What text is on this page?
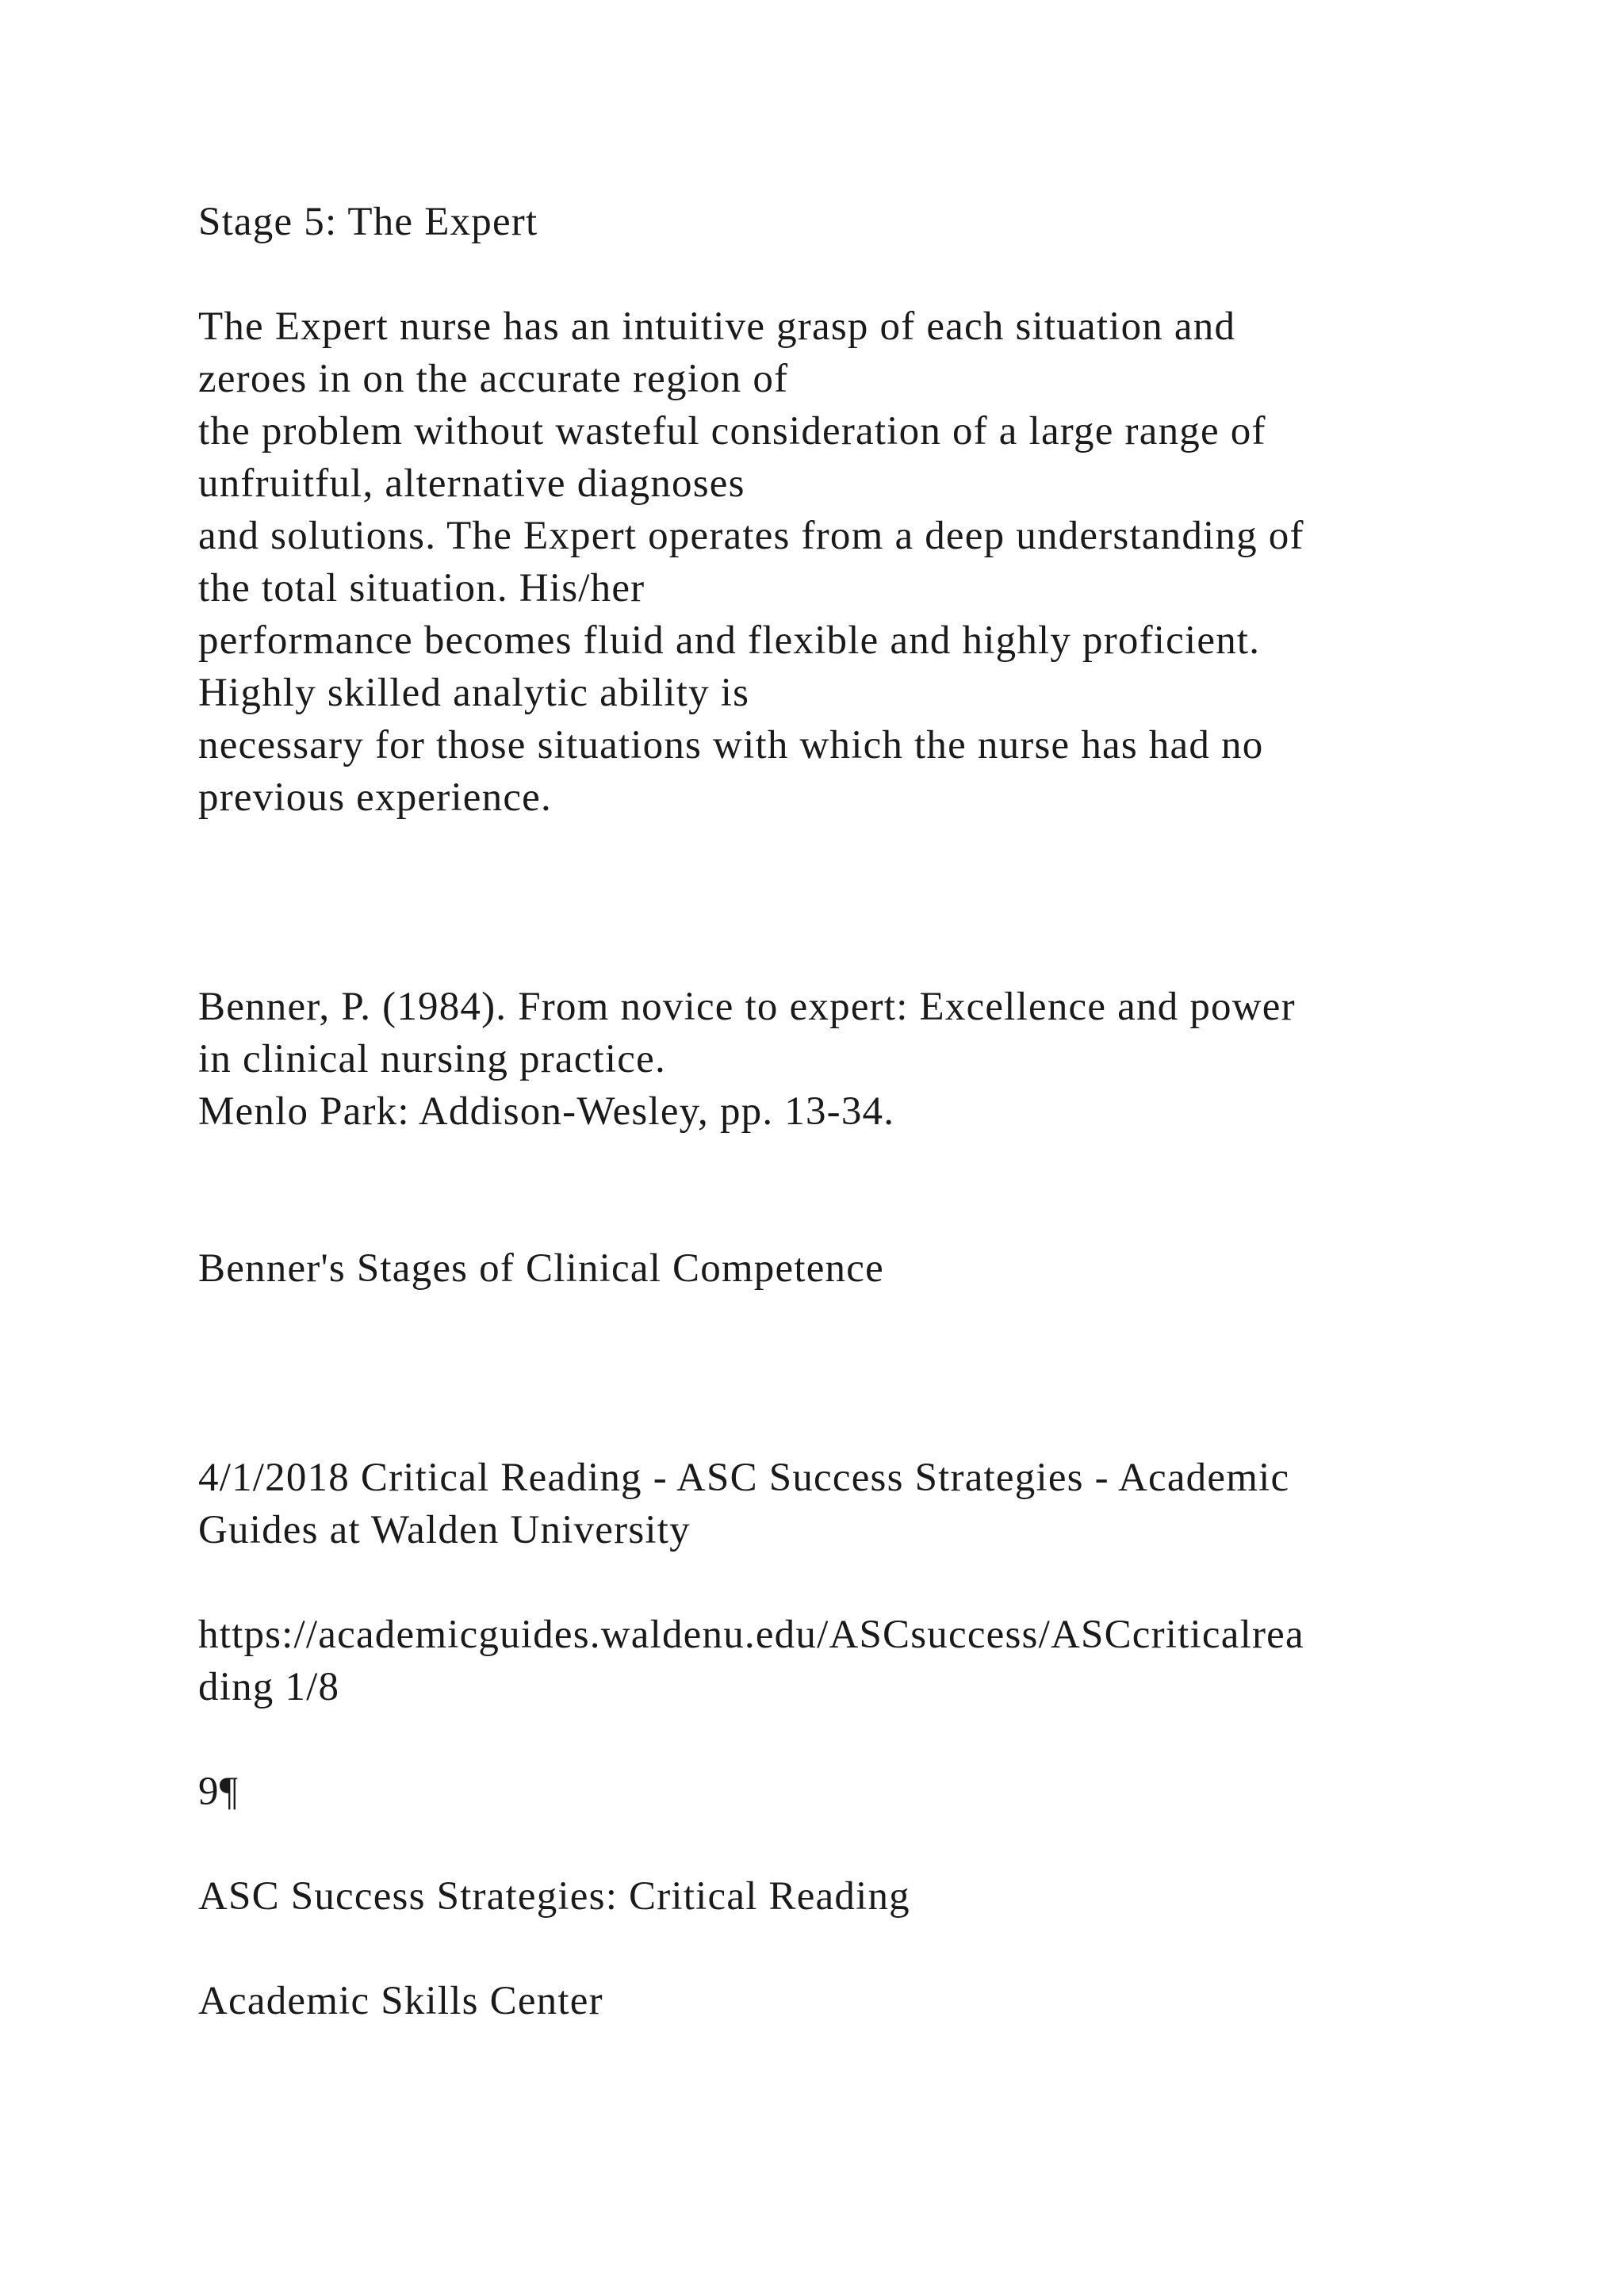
Stage 5: The Expert
The Expert nurse has an intuitive grasp of each situation and
zeroes in on the accurate region of
the problem without wasteful consideration of a large range of
unfruitful, alternative diagnoses
and solutions. The Expert operates from a deep understanding of
the total situation. His/her
performance becomes fluid and flexible and highly proficient.
Highly skilled analytic ability is
necessary for those situations with which the nurse has had no
previous experience.
Benner, P. (1984). From novice to expert: Excellence and power
in clinical nursing practice.
Menlo Park: Addison-Wesley, pp. 13-34.
Benner's Stages of Clinical Competence
4/1/2018 Critical Reading - ASC Success Strategies - Academic
Guides at Walden University
https://academicguides.waldenu.edu/ASCsuccess/ASCcriticalrea
ding 1/8
9¶
ASC Success Strategies: Critical Reading
Academic Skills Center
